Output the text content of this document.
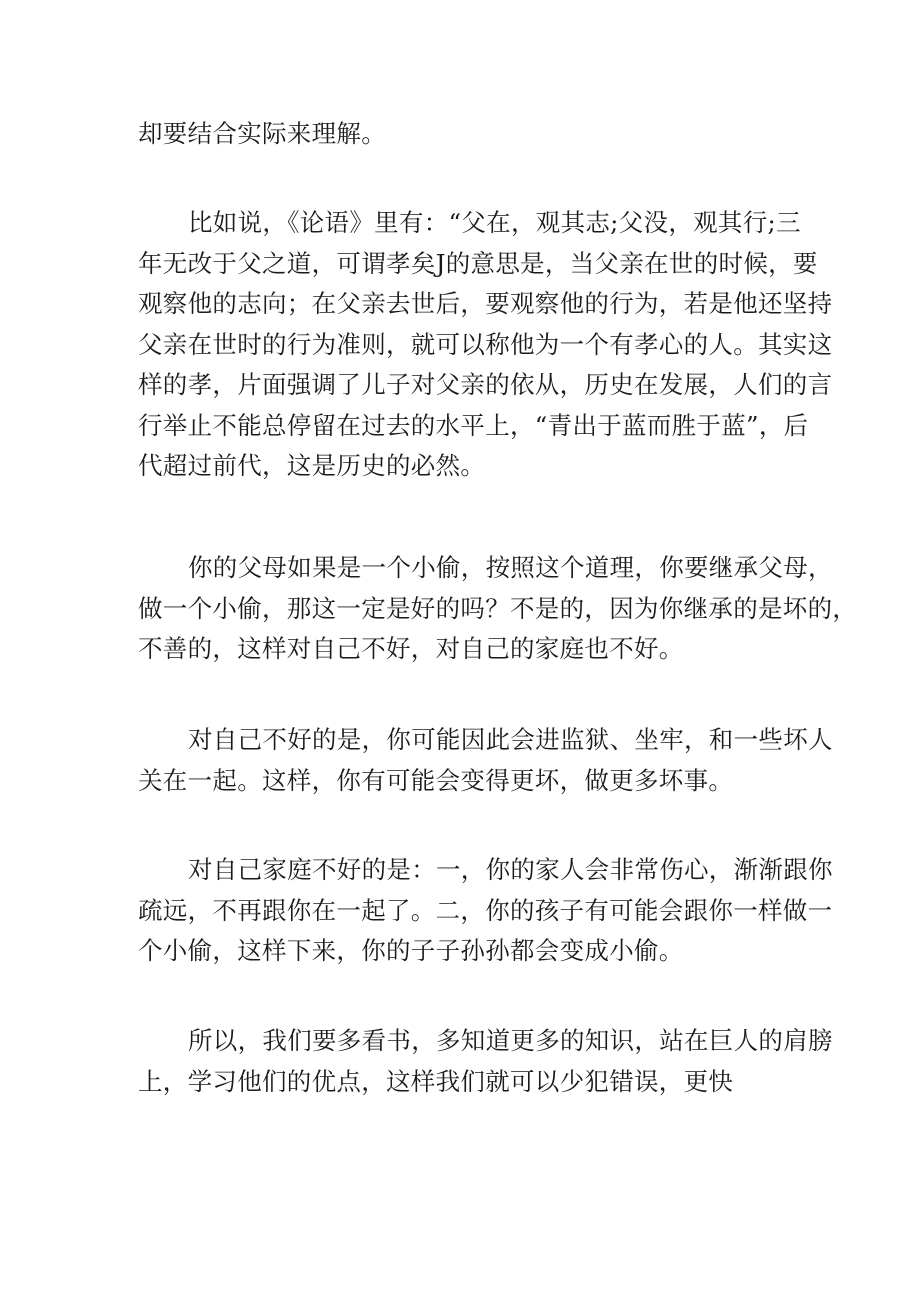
却要结合实际来理解。
比如说，《论语》里有：“父在，观其志;父没，观其行;三
年无改于父之道，可谓孝矣J的意思是，当父亲在世的时候，要
观察他的志向；在父亲去世后，要观察他的行为，若是他还坚持
父亲在世时的行为准则，就可以称他为一个有孝心的人。其实这
样的孝，片面强调了儿子对父亲的依从，历史在发展，人们的言
行举止不能总停留在过去的水平上，“青出于蓝而胜于蓝”，后
代超过前代，这是历史的必然。
你的父母如果是一个小偷，按照这个道理，你要继承父母，
做一个小偷，那这一定是好的吗？不是的，因为你继承的是坏的，
不善的，这样对自己不好，对自己的家庭也不好。
对自己不好的是，你可能因此会进监狱、坐牢，和一些坏人
关在一起。这样，你有可能会变得更坏，做更多坏事。
对自己家庭不好的是：一，你的家人会非常伤心，渐渐跟你
疏远，不再跟你在一起了。二，你的孩子有可能会跟你一样做一
个小偷，这样下来，你的子子孙孙都会变成小偷。
所以，我们要多看书，多知道更多的知识，站在巨人的肩膀
上，学习他们的优点，这样我们就可以少犯错误，更快
